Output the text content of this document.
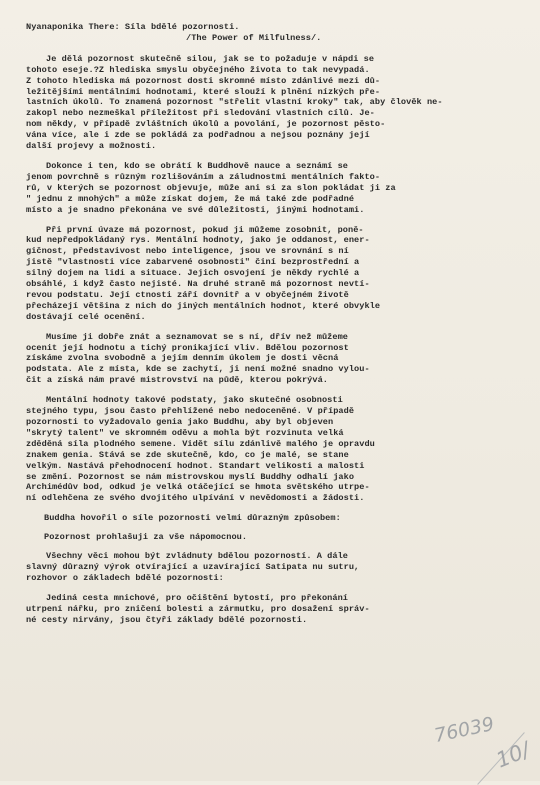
Nyanaponika There: Síla bdělé pozornosti.
/The Power of Milfulness/.
Je dělá pozornost skutečně silou, jak se to požaduje v nápdi se
tohoto eseje.?Z hlediska smyslu obyčejného života to tak nevypadá.
Z tohoto hlediska má pozornost dosti skromné místo zdánlivé mezi dů-
ležitějšími mentálními hodnotami, které slouží k plnění nízkých pře-
lastních úkolů. To znamená pozornost "střelit vlastní kroky" tak, aby člověk ne-
zakopl nebo nezmeškal příležitost při sledování vlastních cílů. Je-
nom někdy, v případě zvláštních úkolů a povolání, je pozornost pěsto-
vána více, ale i zde se pokládá za podřadnou a nejsou poznány její
další projevy a možnosti.
Dokonce i ten, kdo se obrátí k Buddhově nauce a seznámí se
jenom povrchně s různým rozlišováním a záludnostmi mentálních fakto-
rů, v kterých se pozornost objevuje, může ani si za slon pokládat ji za
" jednu z mnohých" a může získat dojem, že má také zde podřadné
místo a je snadno překonána ve své důležitosti, jinými hodnotami.
Při první úvaze má pozornost, pokud ji můžeme zosobnit, poně-
kud nepředpokládaný rys. Mentální hodnoty, jako je oddanost, ener-
gičnost, představivost nebo inteligence, jsou ve srovnání s ní
jistě "vlastnosti více zabarvené osobnosti" činí bezprostřední a
silný dojem na lidi a situace. Jejich osvojení je někdy rychlé a
obsáhlé, i když často nejisté. Na druhé straně má pozornost nevtí-
revou podstatu. Její ctnosti září dovnitř a v obyčejném životě
přecházejí většina z nich do jiných mentálních hodnot, které obvykle
dostávají celé ocenění.
Musíme ji dobře znát a seznamovat se s ní, dřív než můžeme
ocenit její hodnotu a tichý pronikající vliv. Bdělou pozornost
získáme zvolna svobodně a jejím denním úkolem je dosti věcná
podstata. Ale z místa, kde se zachytí, ji není možné snadno vylou-
čit a získá nám pravé mistrovství na půdě, kterou pokrývá.
Mentální hodnoty takové podstaty, jako skutečné osobnosti
stejného typu, jsou často přehlížené nebo nedoceněné. V případě
pozornosti to vyžadovalo genia jako Buddhu, aby byl objeven
"skrytý talent" ve skromném oděvu a mohla být rozvinuta velká
zděděná síla plodného semene. Vidět sílu zdánlivě malého je opravdu
znakem genia. Stává se zde skutečně, kdo, co je malé, se stane
velkým. Nastává přehodnocení hodnot. Standart velikosti a malosti
se změní. Pozornost se nám mistrovskou myslí Buddhy odhalí jako
Archimédův bod, odkud je velká otáčející se hmota světského utrpe-
ní odlehčena ze svého dvojitého ulpívání v nevědomosti a žádosti.
Buddha hovořil o síle pozornosti velmi důrazným způsobem:
Pozornost prohlašuji za vše nápomocnou.
Všechny věci mohou být zvládnuty bdělou pozorností. A dále
slavný důrazný výrok otvírající a uzavírající Satipata nu sutru,
rozhovor o základech bdělé pozornosti:
Jediná cesta mnichové, pro očištění bytostí, pro překonání
utrpení nářku, pro zničení bolesti a zármutku, pro dosažení správ-
né cesty nirvány, jsou čtyři základy bdělé pozornosti.
76039
10/
